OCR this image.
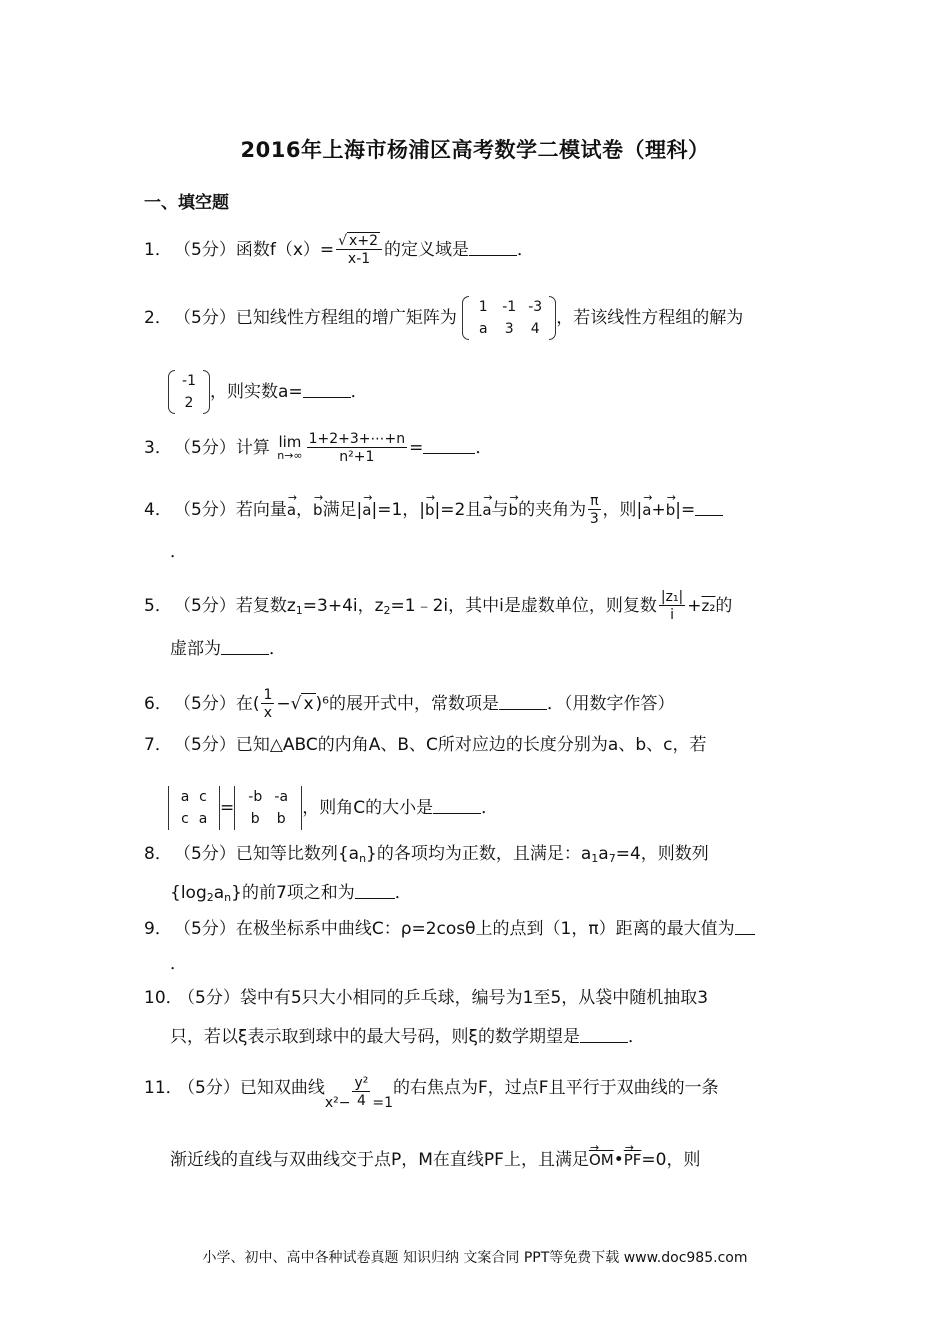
2016年上海市杨浦区高考数学二模试卷（理科）
一、填空题
1． （5分）函数$f(x)= \frac{√ x+2}{x-1}$ 的定义域是	．
2． （5分）已知线性方程组的增广矩阵为
1 -1 -3
a 3 4
，若该线性方程组的解为
-1
2
，则实数a=	．
3． （5分）计算 lim
$n\to\infty \frac{1+2+3+\cdots+n}{\text{n²+1}}$ =	．
4． （5分）若向量a →，b →满足|a →|=1，|b →|=2且a →与b →的夹角为 $\frac{\pi}{3}$ ，则|a →+b →|=
．
5． （5分）若复数$z_1=3+4i$，$z_2=1﹣2i$，其中i是虚数单位，则复数 $\frac{\text{|z₁|}}{i} +z_2$的
虚部为	．
6． （5分）在( $\frac{1}{x}$ −√ x )⁶的展开式中，常数项是	．（用数字作答）
7． （5分）已知△ABC的内角A、B、C所对应边的长度分别为a、b、c，若
a c
c a
=
-b -a
b b
，则角C的大小是	．
8． （5分）已知等比数列$\{a_n\}$的各项均为正数，且满足：$a_1a_7=4$，则数列
$\{\log_2a_n\}$的前7项之和为 ．
9． （5分）在极坐标系中曲线C：ρ=2cosθ上的点到（1，π）距离的最大值为
．
10．（5分）袋中有5只大小相同的乒乓球，编号为1至5，从袋中随机抽取3
只，若以ξ表示取到球中的最大号码，则ξ的数学期望是	．
11．（5分）已知双曲线$_{x^2-} \frac{\text{y²}}{4} _{=1}$的右焦点为F，过点F且平行于双曲线的一条
渐近线的直线与双曲线交于点P，M在直线PF上，且满足$\overline{OM}$ $\to•\overline{PF} \to=0$，则
小学、初中、高中各种试卷真题 知识归纳 文案合同 PPT等免费下载 www.doc985.com
